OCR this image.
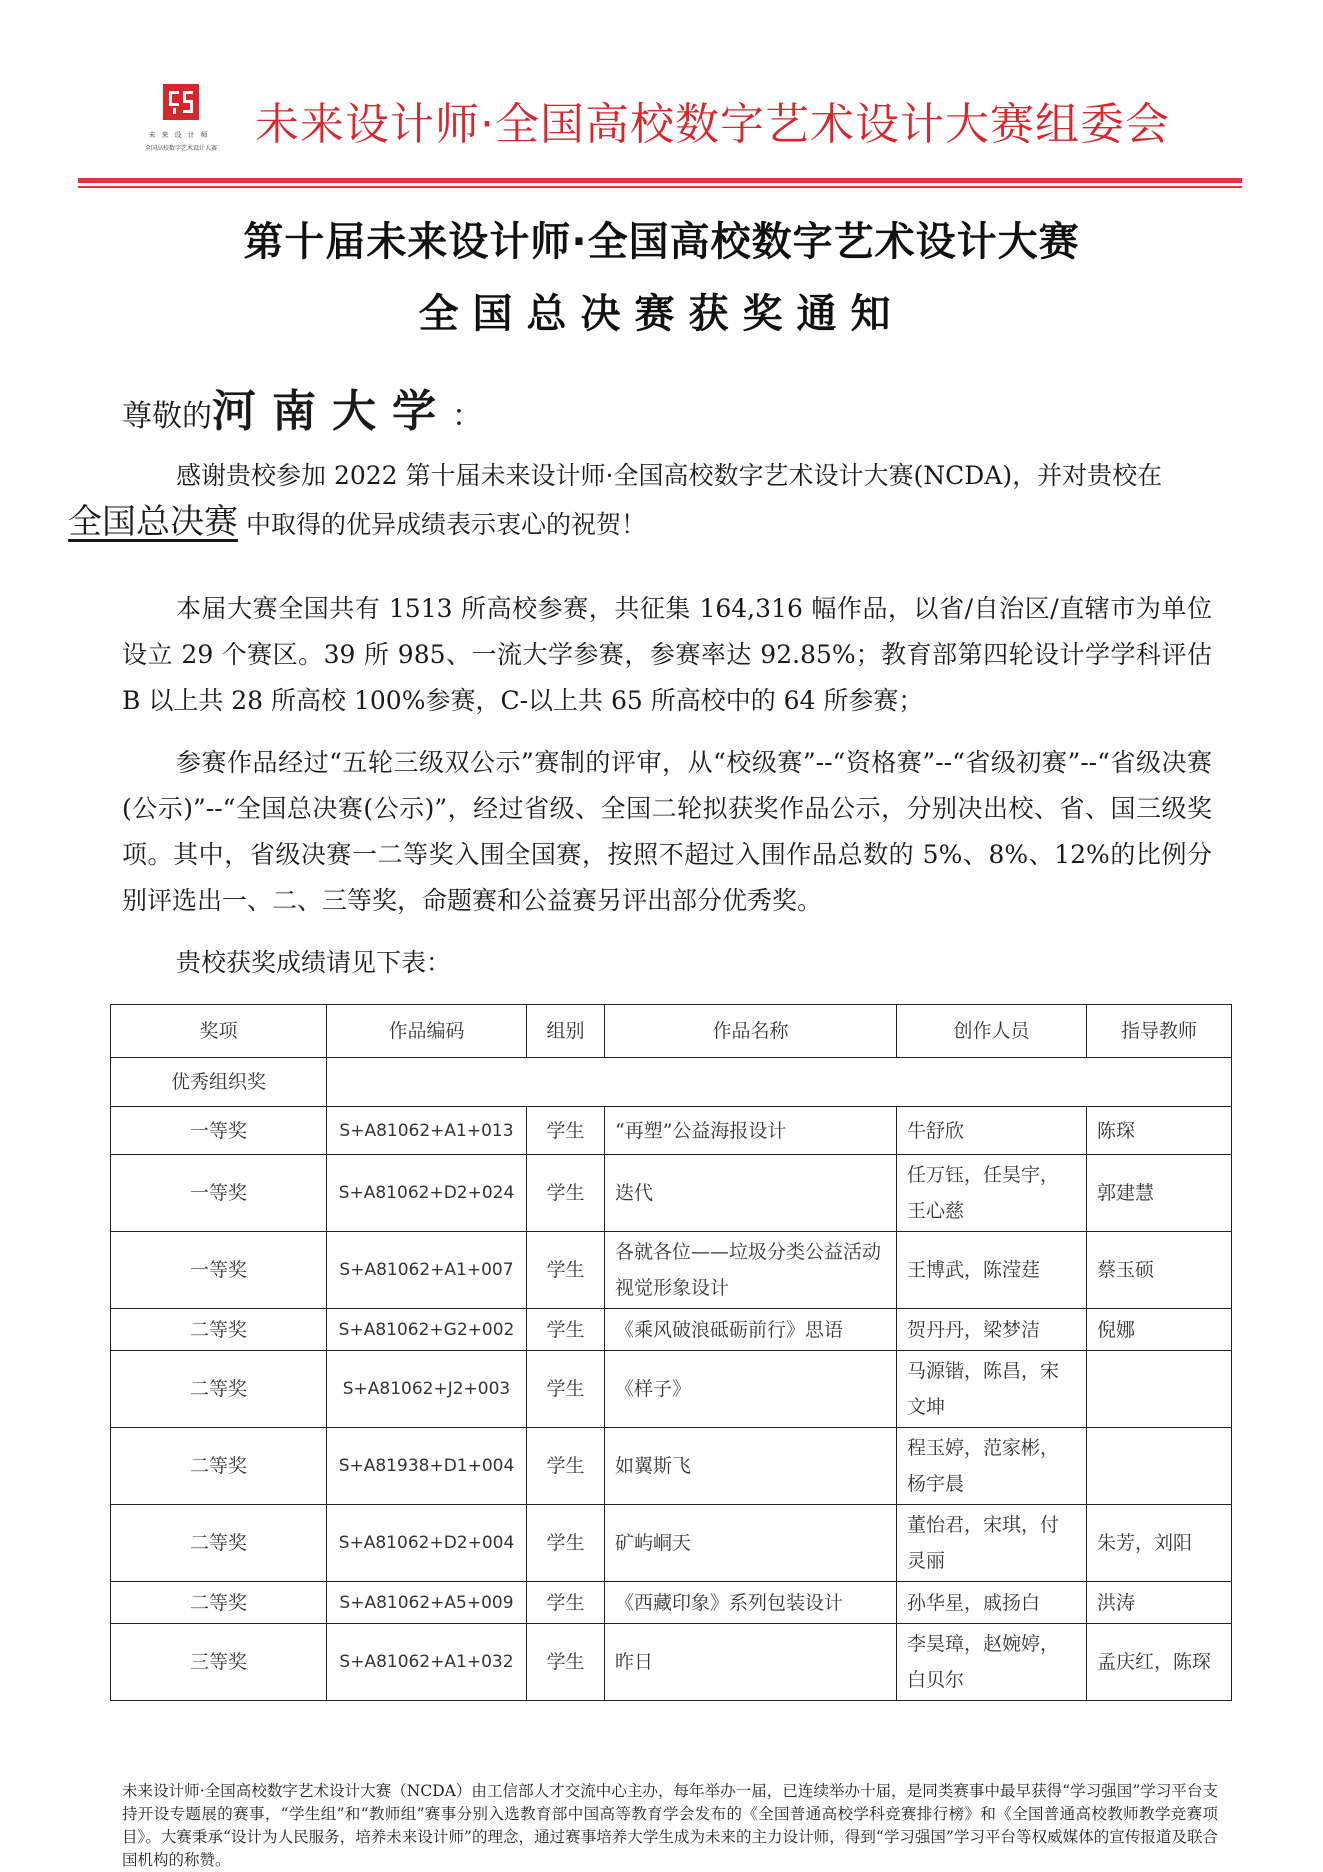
未来设计师
全国高校数字艺术设计大赛 未来设计师·全国高校数字艺术设计大赛组委会
第十届未来设计师·全国高校数字艺术设计大赛
全国总决赛获奖通知
尊敬的河南大学：

感谢贵校参加 2022 第十届未来设计师·全国高校数字艺术设计大赛(NCDA)，并对贵校在
全国总决赛 中取得的优异成绩表示衷心的祝贺！

本届大赛全国共有 1513 所高校参赛，共征集 164,316 幅作品，以省/自治区/直辖市为单位设立 29 个赛区。39 所 985、一流大学参赛，参赛率达 92.85%；教育部第四轮设计学学科评估 B 以上共 28 所高校 100%参赛，C-以上共 65 所高校中的 64 所参赛；

参赛作品经过“五轮三级双公示”赛制的评审，从“校级赛”--“资格赛”--“省级初赛”--“省级决赛(公示)”--“全国总决赛(公示)”，经过省级、全国二轮拟获奖作品公示，分别决出校、省、国三级奖项。其中，省级决赛一二等奖入围全国赛，按照不超过入围作品总数的 5%、8%、12%的比例分别评选出一、二、三等奖，命题赛和公益赛另评出部分优秀奖。

贵校获奖成绩请见下表：

奖项	作品编码	组别	作品名称	创作人员	指导教师
优秀组织奖					
一等奖	S+A81062+A1+013	学生	“再塑”公益海报设计	牛舒欣	陈琛
一等奖	S+A81062+D2+024	学生	迭代	任万钰，任昊宇，王心慈	郭建慧
一等奖	S+A81062+A1+007	学生	各就各位——垃圾分类公益活动视觉形象设计	王博武，陈滢莛	蔡玉硕
二等奖	S+A81062+G2+002	学生	《乘风破浪砥砺前行》思语	贺丹丹，梁梦洁	倪娜
二等奖	S+A81062+J2+003	学生	《样子》	马源锴，陈昌，宋文坤	
二等奖	S+A81938+D1+004	学生	如翼斯飞	程玉婷，范家彬，杨宇晨	
二等奖	S+A81062+D2+004	学生	矿屿峒天	董怡君，宋琪，付灵丽	朱芳，刘阳
二等奖	S+A81062+A5+009	学生	《西藏印象》系列包装设计	孙华星，戚扬白	洪涛
三等奖	S+A81062+A1+032	学生	昨日	李昊璋，赵婉婷，白贝尔	孟庆红，陈琛

未来设计师·全国高校数字艺术设计大赛（NCDA）由工信部人才交流中心主办，每年举办一届，已连续举办十届，是同类赛事中最早获得“学习强国”学习平台支持开设专题展的赛事，“学生组”和“教师组”赛事分别入选教育部中国高等教育学会发布的《全国普通高校学科竞赛排行榜》和《全国普通高校教师教学竞赛项目》。大赛秉承“设计为人民服务，培养未来设计师”的理念，通过赛事培养大学生成为未来的主力设计师，得到“学习强国”学习平台等权威媒体的宣传报道及联合国机构的称赞。
